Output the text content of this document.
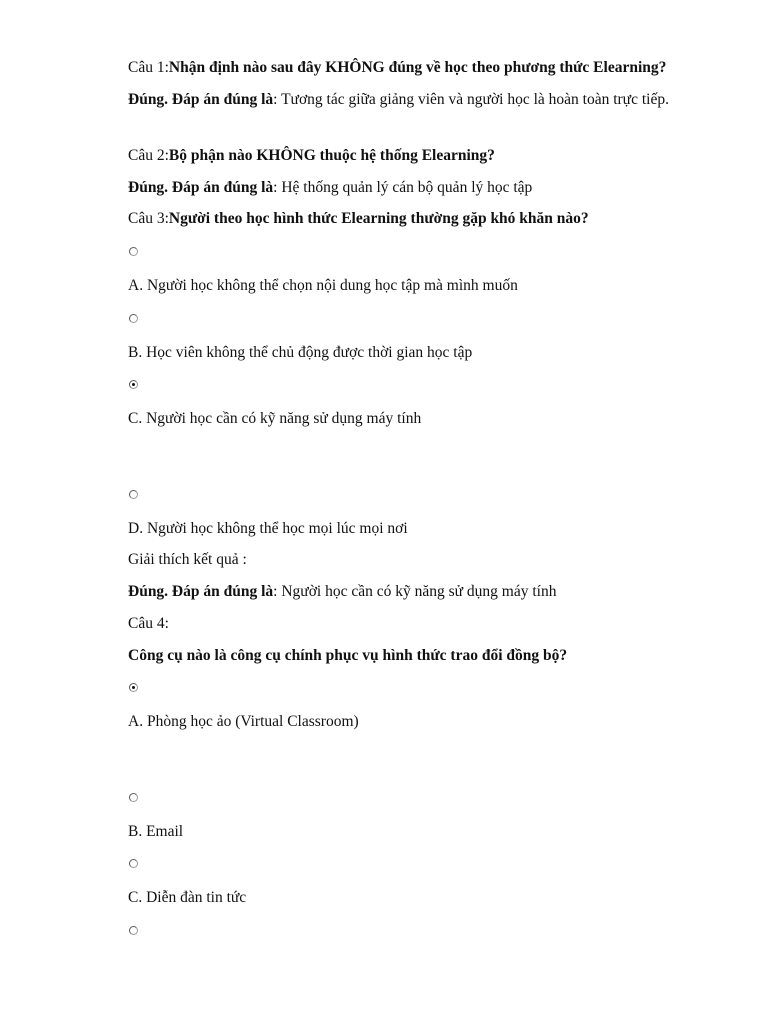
Câu 1:Nhận định nào sau đây KHÔNG đúng về học theo phương thức Elearning?

Đúng. Đáp án đúng là: Tương tác giữa giảng viên và người học là hoàn toàn trực tiếp.

Câu 2:Bộ phận nào KHÔNG thuộc hệ thống Elearning?

Đúng. Đáp án đúng là: Hệ thống quản lý cán bộ quản lý học tập

Câu 3:Người theo học hình thức Elearning thường gặp khó khăn nào?

A. Người học không thể chọn nội dung học tập mà mình muốn

B. Học viên không thể chủ động được thời gian học tập

C. Người học cần có kỹ năng sử dụng máy tính

D. Người học không thể học mọi lúc mọi nơi

Giải thích kết quả :

Đúng. Đáp án đúng là: Người học cần có kỹ năng sử dụng máy tính

Câu 4:

Công cụ nào là công cụ chính phục vụ hình thức trao đổi đồng bộ?

A. Phòng học ảo (Virtual Classroom)

B. Email

C. Diễn đàn tin tức
